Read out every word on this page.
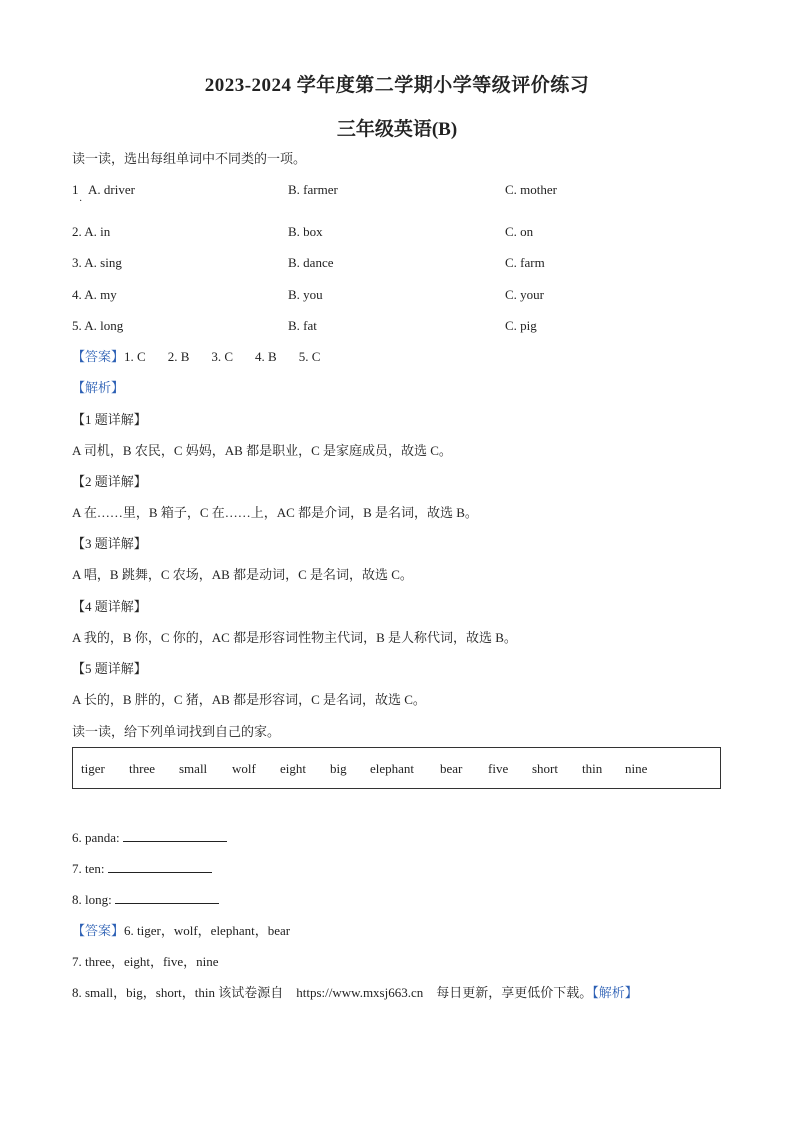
2023-2024 学年度第二学期小学等级评价练习
三年级英语(B)
读一读，选出每组单词中不同类的一项。
1
·
A. driver	B. farmer	C. mother
2. A. in	B. box	C. on
3. A. sing	B. dance	C. farm
4. A. my	B. you	C. your
5. A. long	B. fat	C. pig
【答案】1. C 2. B 3. C 4. B 5. C
【解析】
【1 题详解】
A 司机，B 农民，C 妈妈，AB 都是职业，C 是家庭成员，故选 C。
【2 题详解】
A 在……里，B 箱子，C 在……上，AC 都是介词，B 是名词，故选 B。
【3 题详解】
A 唱，B 跳舞，C 农场，AB 都是动词，C 是名词，故选 C。
【4 题详解】
A 我的，B 你，C 你的，AC 都是形容词性物主代词，B 是人称代词，故选 B。
【5 题详解】
A 长的，B 胖的，C 猪，AB 都是形容词，C 是名词，故选 C。
读一读，给下列单词找到自己的家。
tiger three small wolf eight big elephant bear five short thin nine
6. panda:
7. ten:
8. long:
【答案】6. tiger，wolf，elephant，bear
7. three，eight，five，nine
8. small，big，short，thin 该试卷源自　https://www.mxsj663.cn　每日更新，享更低价下载。【解析】
